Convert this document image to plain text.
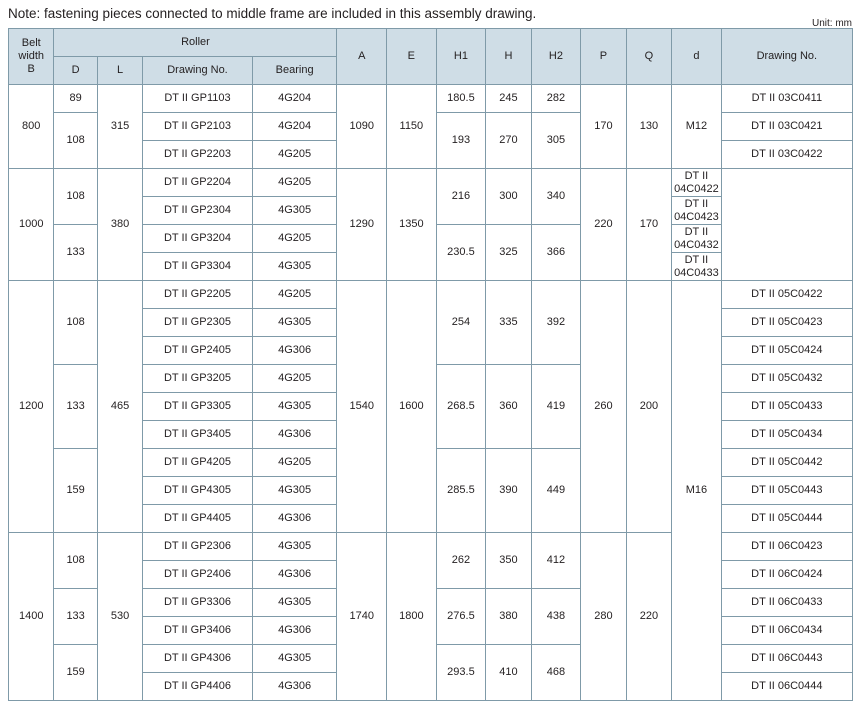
Note: fastening pieces connected to middle frame are included in this assembly drawing.

Unit: mm
Belt
width
B	Roller				A	E	H1	H	H2	P	Q	d	Drawing No.
	D	L	Drawing No.	Bearing									
800	89	315	DT II GP1103	4G204	1090	1150	180.5	245	282	170	130	M12	DT II 03C0411
	108		DT II GP2103	4G204			193	270	305				DT II 03C0421
			DT II GP2203	4G205									DT II 03C0422
1000	108	380	DT II GP2204	4G205	1290	1350	216	300	340	220	170	DT II 04C0422	
			DT II GP2304	4G305								DT II 04C0423	
	133		DT II GP3204	4G205			230.5	325	366			DT II 04C0432	
			DT II GP3304	4G305								DT II 04C0433	
1200	108	465	DT II GP2205	4G205	1540	1600	254	335	392	260	200	M16	DT II 05C0422
			DT II GP2305	4G305									DT II 05C0423
			DT II GP2405	4G306									DT II 05C0424
	133		DT II GP3205	4G205			268.5	360	419				DT II 05C0432
			DT II GP3305	4G305									DT II 05C0433
			DT II GP3405	4G306									DT II 05C0434
	159		DT II GP4205	4G205			285.5	390	449				DT II 05C0442
			DT II GP4305	4G305									DT II 05C0443
			DT II GP4405	4G306									DT II 05C0444
1400	108	530	DT II GP2306	4G305	1740	1800	262	350	412	280	220		DT II 06C0423
			DT II GP2406	4G306									DT II 06C0424
	133		DT II GP3306	4G305			276.5	380	438				DT II 06C0433
			DT II GP3406	4G306									DT II 06C0434
	159		DT II GP4306	4G305			293.5	410	468				DT II 06C0443
			DT II GP4406	4G306									DT II 06C0444
